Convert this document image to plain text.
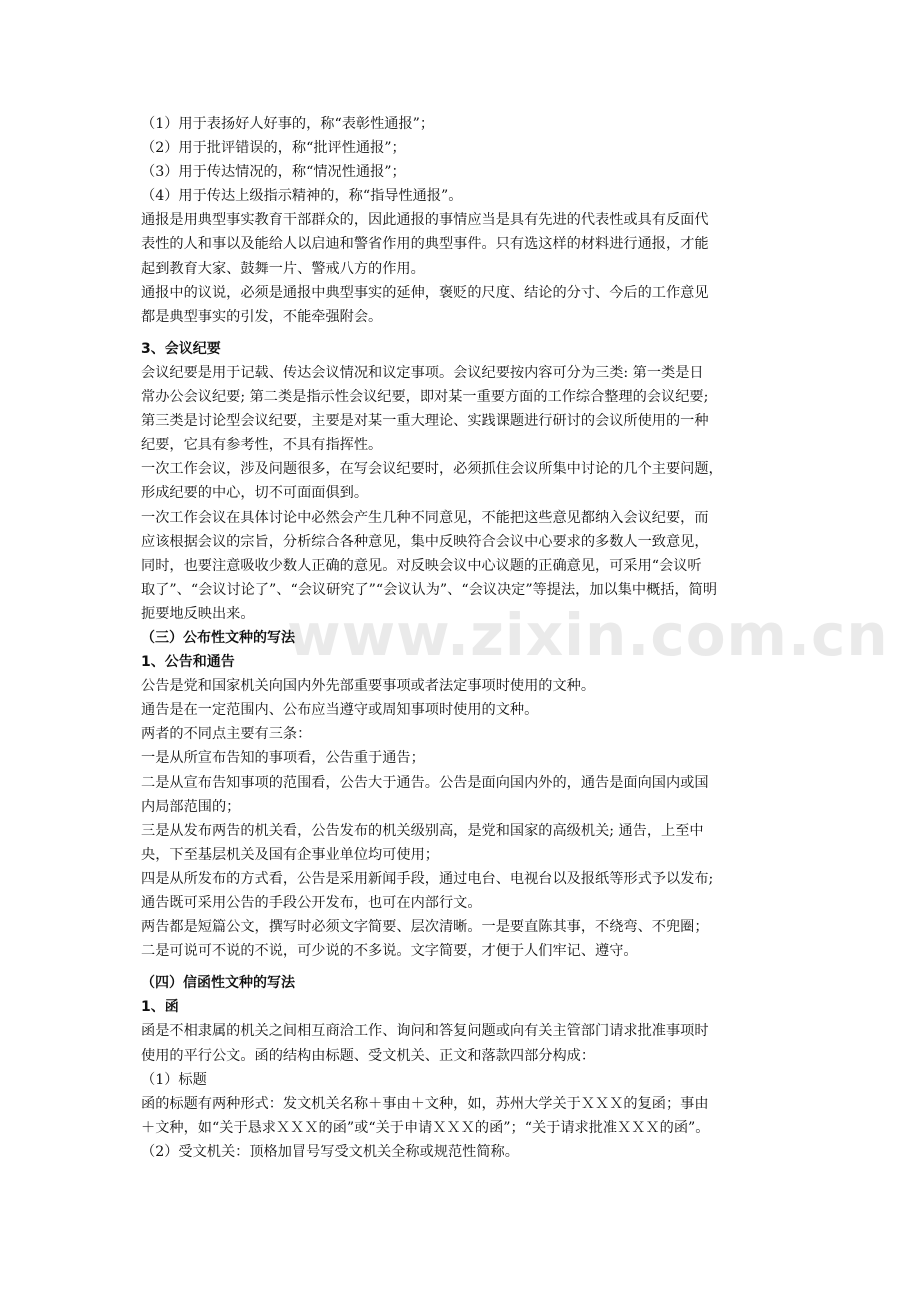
www.zixin.com.cn
（1）用于表扬好人好事的，称“表彰性通报”；
（2）用于批评错误的，称“批评性通报”；
（3）用于传达情况的，称“情况性通报”；
（4）用于传达上级指示精神的，称“指导性通报”。
通报是用典型事实教育干部群众的，因此通报的事情应当是具有先进的代表性或具有反面代
表性的人和事以及能给人以启迪和警省作用的典型事件。只有选这样的材料进行通报，才能
起到教育大家、鼓舞一片、警戒八方的作用。
通报中的议说，必须是通报中典型事实的延伸，褒贬的尺度、结论的分寸、今后的工作意见
都是典型事实的引发，不能牵强附会。
3、会议纪要
会议纪要是用于记载、传达会议情况和议定事项。会议纪要按内容可分为三类: 第一类是日
常办公会议纪要; 第二类是指示性会议纪要，即对某一重要方面的工作综合整理的会议纪要;
第三类是讨论型会议纪要，主要是对某一重大理论、实践课题进行研讨的会议所使用的一种
纪要，它具有参考性，不具有指挥性。
一次工作会议，涉及问题很多，在写会议纪要时，必须抓住会议所集中讨论的几个主要问题，
形成纪要的中心，切不可面面俱到。
一次工作会议在具体讨论中必然会产生几种不同意见，不能把这些意见都纳入会议纪要，而
应该根据会议的宗旨，分析综合各种意见，集中反映符合会议中心要求的多数人一致意见，
同时，也要注意吸收少数人正确的意见。对反映会议中心议题的正确意见，可采用“会议听
取了”、“会议讨论了”、“会议研究了”“会议认为”、“会议决定”等提法，加以集中概括，简明
扼要地反映出来。
（三）公布性文种的写法
1、公告和通告
公告是党和国家机关向国内外先部重要事项或者法定事项时使用的文种。
通告是在一定范围内、公布应当遵守或周知事项时使用的文种。
两者的不同点主要有三条：
一是从所宣布告知的事项看，公告重于通告；
二是从宣布告知事项的范围看，公告大于通告。公告是面向国内外的，通告是面向国内或国
内局部范围的；
三是从发布两告的机关看，公告发布的机关级别高，是党和国家的高级机关; 通告，上至中
央，下至基层机关及国有企事业单位均可使用；
四是从所发布的方式看，公告是采用新闻手段，通过电台、电视台以及报纸等形式予以发布;
通告既可采用公告的手段公开发布，也可在内部行文。
两告都是短篇公文，撰写时必须文字简要、层次清晰。一是要直陈其事，不绕弯、不兜圈；
二是可说可不说的不说，可少说的不多说。文字简要，才便于人们牢记、遵守。
（四）信函性文种的写法
1、函
函是不相隶属的机关之间相互商洽工作、询问和答复问题或向有关主管部门请求批准事项时
使用的平行公文。函的结构由标题、受文机关、正文和落款四部分构成：
（1）标题
函的标题有两种形式：发文机关名称＋事由＋文种，如，苏州大学关于ＸＸＸ的复函；事由
＋文种，如“关于恳求ＸＸＸ的函”或“关于申请ＸＸＸ的函”；“关于请求批准ＸＸＸ的函”。
（2）受文机关：顶格加冒号写受文机关全称或规范性简称。
